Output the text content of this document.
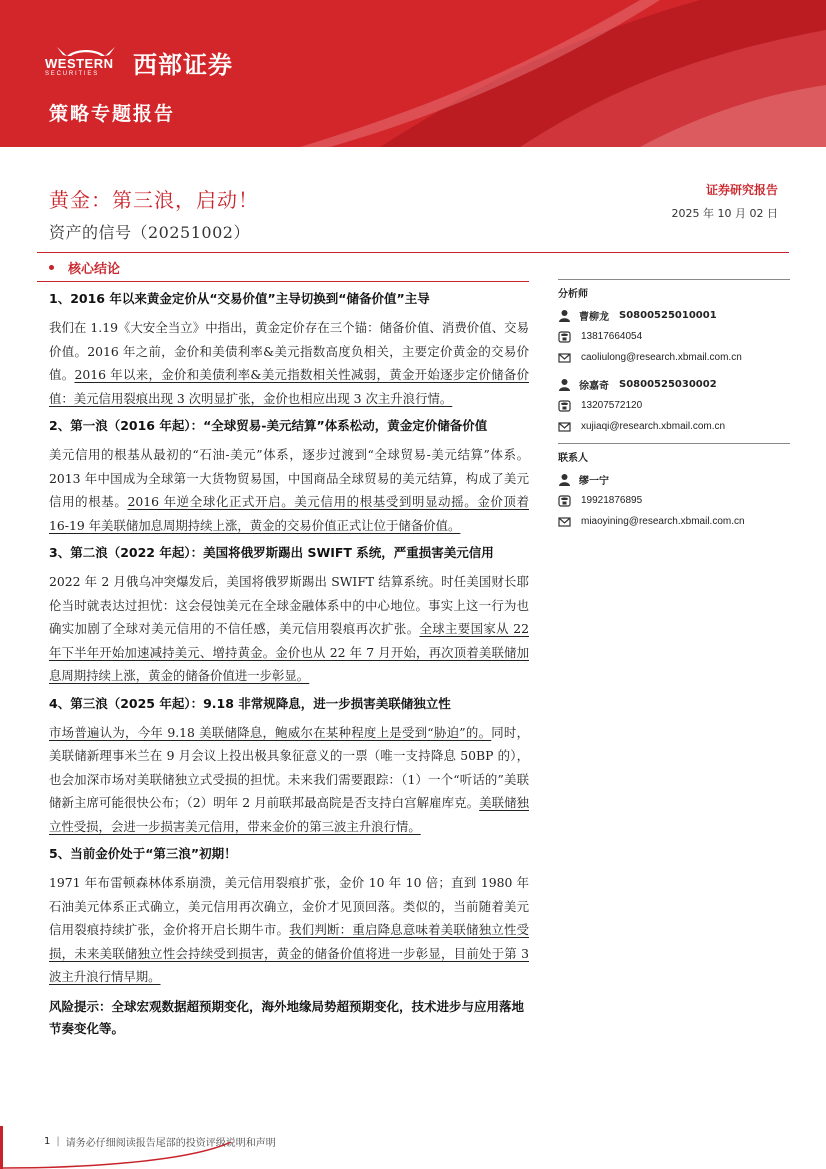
WESTERN
SECURITIES	西部证券
策略专题报告
黄金：第三浪，启动！
资产的信号（20251002）
证券研究报告
2025 年 10 月 02 日
核心结论
1、2016 年以来黄金定价从“交易价值”主导切换到“储备价值”主导
我们在 1.19《大安全当立》中指出，黄金定价存在三个锚：储备价值、消费价值、交易价值。2016 年之前，金价和美债利率&美元指数高度负相关，主要定价黄金的交易价值。2016 年以来，金价和美债利率&美元指数相关性减弱，黄金开始逐步定价储备价值：美元信用裂痕出现 3 次明显扩张，金价也相应出现 3 次主升浪行情。
2、第一浪（2016 年起）：“全球贸易-美元结算”体系松动，黄金定价储备价值
美元信用的根基从最初的“石油-美元”体系，逐步过渡到“全球贸易-美元结算”体系。2013 年中国成为全球第一大货物贸易国，中国商品全球贸易的美元结算，构成了美元信用的根基。2016 年逆全球化正式开启。美元信用的根基受到明显动摇。金价顶着 16-19 年美联储加息周期持续上涨，黄金的交易价值正式让位于储备价值。
3、第二浪（2022 年起）：美国将俄罗斯踢出 SWIFT 系统，严重损害美元信用
2022 年 2 月俄乌冲突爆发后，美国将俄罗斯踢出 SWIFT 结算系统。时任美国财长耶伦当时就表达过担忧：这会侵蚀美元在全球金融体系中的中心地位。事实上这一行为也确实加剧了全球对美元信用的不信任感，美元信用裂痕再次扩张。全球主要国家从 22 年下半年开始加速减持美元、增持黄金。金价也从 22 年 7 月开始，再次顶着美联储加息周期持续上涨，黄金的储备价值进一步彰显。
4、第三浪（2025 年起）：9.18 非常规降息，进一步损害美联储独立性
市场普遍认为，今年 9.18 美联储降息，鲍威尔在某种程度上是受到“胁迫”的。同时，美联储新理事米兰在 9 月会议上投出极具象征意义的一票（唯一支持降息 50BP 的），也会加深市场对美联储独立式受损的担忧。未来我们需要跟踪：（1）一个“听话的”美联储新主席可能很快公布；（2）明年 2 月前联邦最高院是否支持白宫解雇库克。美联储独立性受损，会进一步损害美元信用，带来金价的第三波主升浪行情。
5、当前金价处于“第三浪”初期！
1971 年布雷顿森林体系崩溃，美元信用裂痕扩张，金价 10 年 10 倍；直到 1980 年石油美元体系正式确立，美元信用再次确立，金价才见顶回落。类似的，当前随着美元信用裂痕持续扩张，金价将开启长期牛市。我们判断：重启降息意味着美联储独立性受损，未来美联储独立性会持续受到损害，黄金的储备价值将进一步彰显，目前处于第 3 波主升浪行情早期。
风险提示：全球宏观数据超预期变化，海外地缘局势超预期变化，技术进步与应用落地节奏变化等。
分析师
曹柳龙 S0800525010001
13817664054
caoliulong@research.xbmail.com.cn
徐嘉奇 S0800525030002
13207572120
xujiaqi@research.xbmail.com.cn
联系人
缪一宁
19921876895
miaoyining@research.xbmail.com.cn
1 | 请务必仔细阅读报告尾部的投资评级说明和声明
